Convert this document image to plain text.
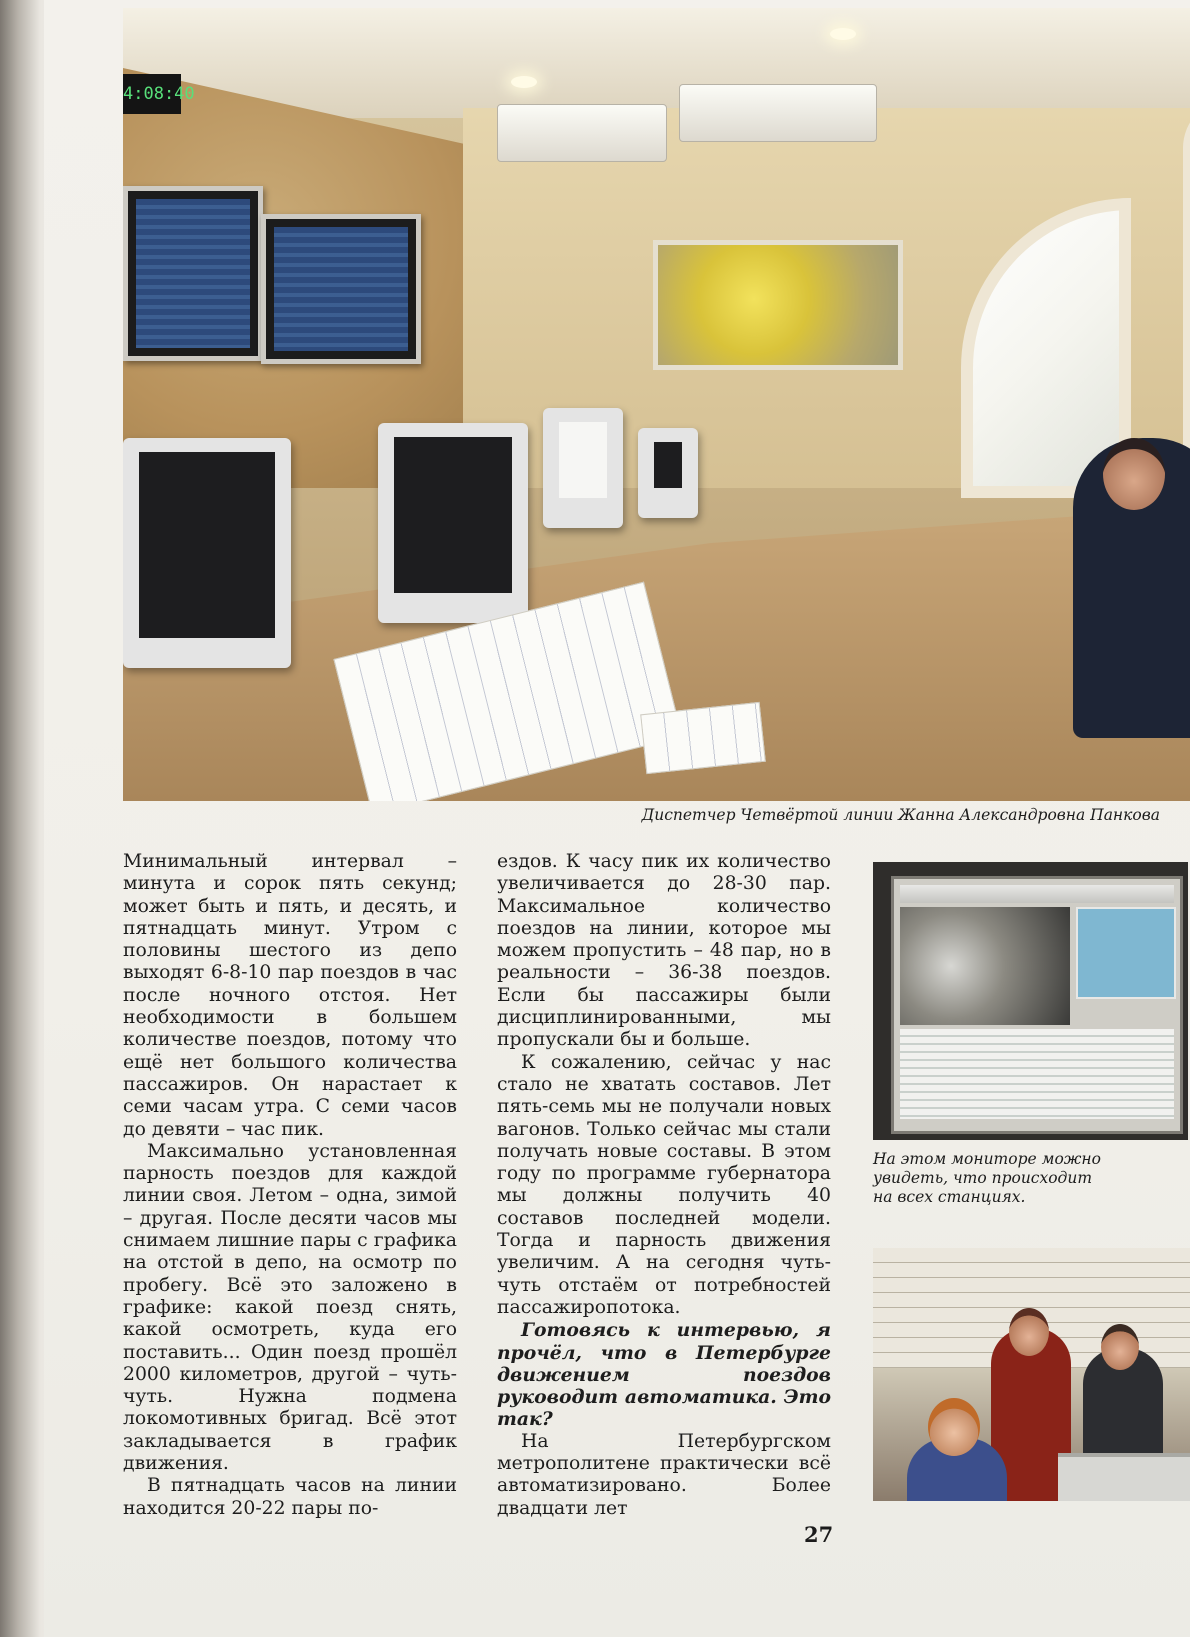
4:08:40
Диспетчер Четвёртой линии Жанна Александровна Панкова

Минимальный интервал – минута и сорок пять секунд; может быть и пять, и десять, и пятнадцать минут. Утром с половины шестого из депо выходят 6-8-10 пар поездов в час после ночного отстоя. Нет необходимости в большем количестве поездов, потому что ещё нет большого количества пассажиров. Он нарастает к семи часам утра. С семи часов до девяти – час пик.

Максимально установленная парность поездов для каждой линии своя. Летом – одна, зимой – другая. После десяти часов мы снимаем лишние пары с графика на отстой в депо, на осмотр по пробегу. Всё это заложено в графике: какой поезд снять, какой осмотреть, куда его поставить... Один поезд прошёл 2000 километров, другой – чуть-чуть. Нужна подмена локомотивных бригад. Всё этот закладывается в график движения.

В пятнадцать часов на линии находится 20-22 пары по-

ездов. К часу пик их количество увеличивается до 28-30 пар. Максимальное количество поездов на линии, которое мы можем пропустить – 48 пар, но в реальности – 36-38 поездов. Если бы пассажиры были дисциплинированными, мы пропускали бы и больше.

К сожалению, сейчас у нас стало не хватать составов. Лет пять-семь мы не получали новых вагонов. Только сейчас мы стали получать новые составы. В этом году по программе губернатора мы должны получить 40 составов последней модели. Тогда и парность движения увеличим. А на сегодня чуть-чуть отстаём от потребностей пассажиропотока.

Готовясь к интервью, я прочёл, что в Петербурге движением поездов руководит автоматика. Это так?

На Петербургском метрополитене практически всё автоматизировано. Более двадцати лет

На этом мониторе можно увидеть, что происходит на всех станциях.
27
